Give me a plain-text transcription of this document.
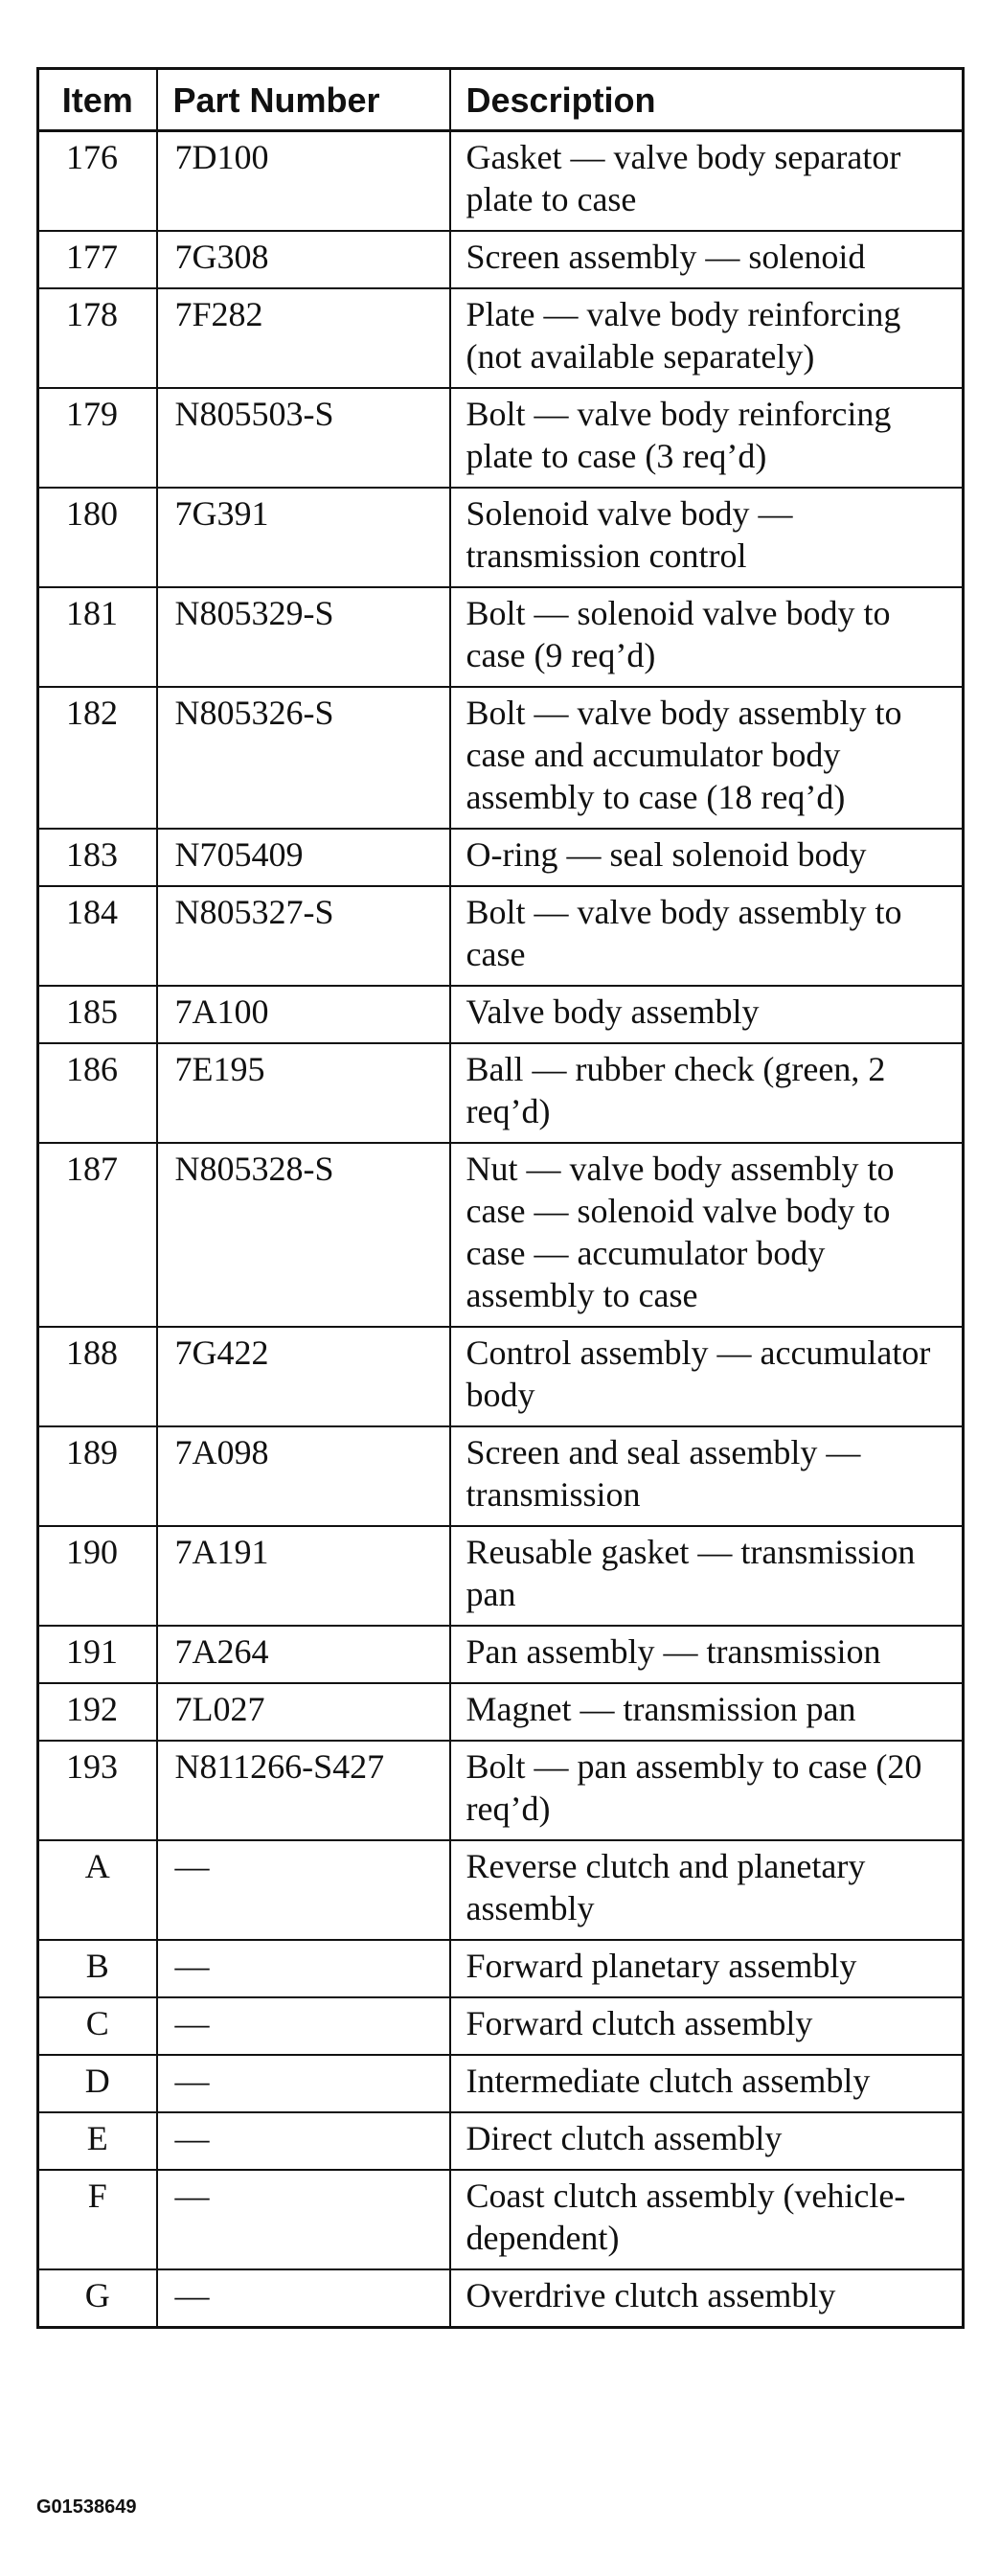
Item	Part Number	Description
176	7D100	Gasket — valve body separator plate to case
177	7G308	Screen assembly — solenoid
178	7F282	Plate — valve body reinforcing (not available separately)
179	N805503-S	Bolt — valve body reinforcing plate to case (3 req’d)
180	7G391	Solenoid valve body — transmission control
181	N805329-S	Bolt — solenoid valve body to case (9 req’d)
182	N805326-S	Bolt — valve body assembly to case and accumulator body assembly to case (18 req’d)
183	N705409	O-ring — seal solenoid body
184	N805327-S	Bolt — valve body assembly to case
185	7A100	Valve body assembly
186	7E195	Ball — rubber check (green, 2 req’d)
187	N805328-S	Nut — valve body assembly to case — solenoid valve body to case — accumulator body assembly to case
188	7G422	Control assembly — accumulator body
189	7A098	Screen and seal assembly — transmission
190	7A191	Reusable gasket — transmission pan
191	7A264	Pan assembly — transmission
192	7L027	Magnet — transmission pan
193	N811266-S427	Bolt — pan assembly to case (20 req’d)
A	—	Reverse clutch and planetary assembly
B	—	Forward planetary assembly
C	—	Forward clutch assembly
D	—	Intermediate clutch assembly
E	—	Direct clutch assembly
F	—	Coast clutch assembly (vehicle-dependent)
G	—	Overdrive clutch assembly
G01538649
